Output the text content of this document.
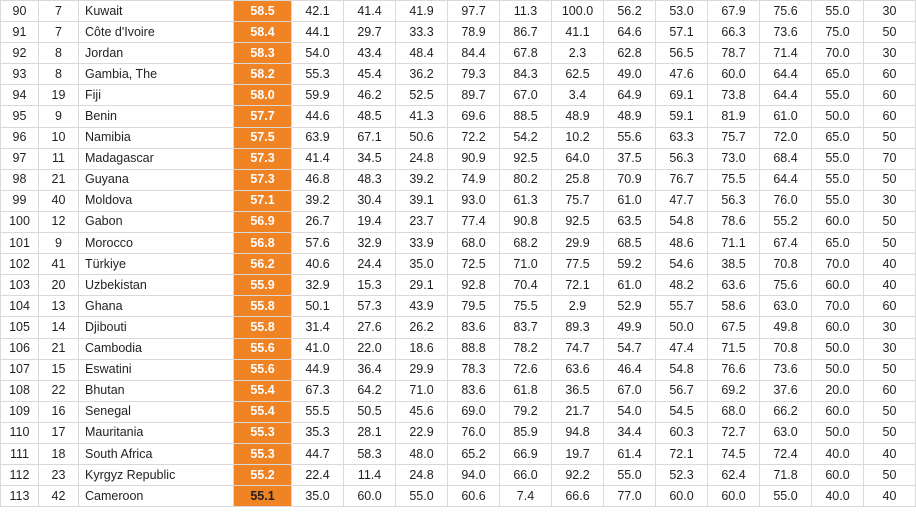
90	7	Kuwait	58.5	42.1	41.4	41.9	97.7	11.3	100.0	56.2	53.0	67.9	75.6	55.0	30
91	7	Côte d'Ivoire	58.4	44.1	29.7	33.3	78.9	86.7	41.1	64.6	57.1	66.3	73.6	75.0	50
92	8	Jordan	58.3	54.0	43.4	48.4	84.4	67.8	2.3	62.8	56.5	78.7	71.4	70.0	30
93	8	Gambia, The	58.2	55.3	45.4	36.2	79.3	84.3	62.5	49.0	47.6	60.0	64.4	65.0	60
94	19	Fiji	58.0	59.9	46.2	52.5	89.7	67.0	3.4	64.9	69.1	73.8	64.4	55.0	60
95	9	Benin	57.7	44.6	48.5	41.3	69.6	88.5	48.9	48.9	59.1	81.9	61.0	50.0	60
96	10	Namibia	57.5	63.9	67.1	50.6	72.2	54.2	10.2	55.6	63.3	75.7	72.0	65.0	50
97	11	Madagascar	57.3	41.4	34.5	24.8	90.9	92.5	64.0	37.5	56.3	73.0	68.4	55.0	70
98	21	Guyana	57.3	46.8	48.3	39.2	74.9	80.2	25.8	70.9	76.7	75.5	64.4	55.0	50
99	40	Moldova	57.1	39.2	30.4	39.1	93.0	61.3	75.7	61.0	47.7	56.3	76.0	55.0	30
100	12	Gabon	56.9	26.7	19.4	23.7	77.4	90.8	92.5	63.5	54.8	78.6	55.2	60.0	50
101	9	Morocco	56.8	57.6	32.9	33.9	68.0	68.2	29.9	68.5	48.6	71.1	67.4	65.0	50
102	41	Türkiye	56.2	40.6	24.4	35.0	72.5	71.0	77.5	59.2	54.6	38.5	70.8	70.0	40
103	20	Uzbekistan	55.9	32.9	15.3	29.1	92.8	70.4	72.1	61.0	48.2	63.6	75.6	60.0	40
104	13	Ghana	55.8	50.1	57.3	43.9	79.5	75.5	2.9	52.9	55.7	58.6	63.0	70.0	60
105	14	Djibouti	55.8	31.4	27.6	26.2	83.6	83.7	89.3	49.9	50.0	67.5	49.8	60.0	30
106	21	Cambodia	55.6	41.0	22.0	18.6	88.8	78.2	74.7	54.7	47.4	71.5	70.8	50.0	30
107	15	Eswatini	55.6	44.9	36.4	29.9	78.3	72.6	63.6	46.4	54.8	76.6	73.6	50.0	50
108	22	Bhutan	55.4	67.3	64.2	71.0	83.6	61.8	36.5	67.0	56.7	69.2	37.6	20.0	60
109	16	Senegal	55.4	55.5	50.5	45.6	69.0	79.2	21.7	54.0	54.5	68.0	66.2	60.0	50
110	17	Mauritania	55.3	35.3	28.1	22.9	76.0	85.9	94.8	34.4	60.3	72.7	63.0	50.0	50
111	18	South Africa	55.3	44.7	58.3	48.0	65.2	66.9	19.7	61.4	72.1	74.5	72.4	40.0	40
112	23	Kyrgyz Republic	55.2	22.4	11.4	24.8	94.0	66.0	92.2	55.0	52.3	62.4	71.8	60.0	50
113	42	Cameroon	55.1	35.0	60.0	55.0	60.6	7.4	66.6	77.0	60.0	60.0	55.0	40.0	40
